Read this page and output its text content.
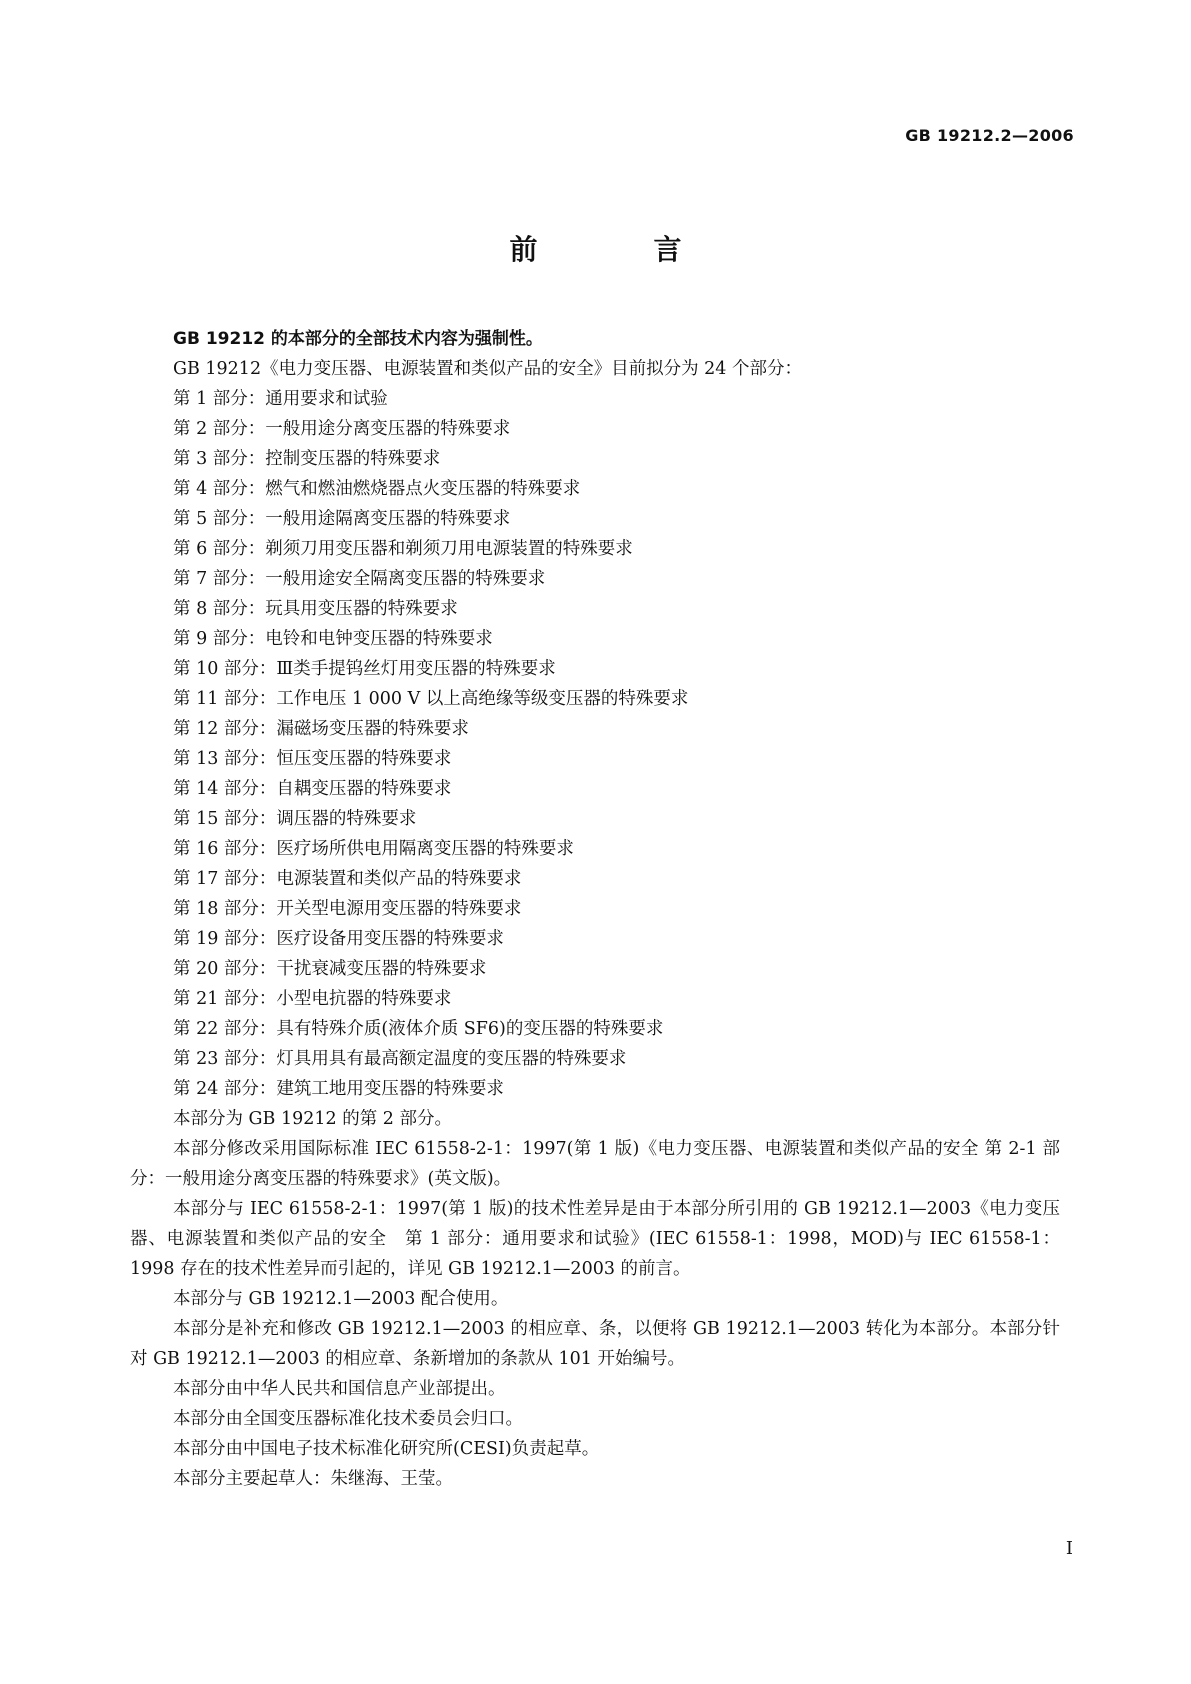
GB 19212.2—2006
前　言

GB 19212 的本部分的全部技术内容为强制性。

GB 19212《电力变压器、电源装置和类似产品的安全》目前拟分为 24 个部分：

第 1 部分：通用要求和试验
第 2 部分：一般用途分离变压器的特殊要求
第 3 部分：控制变压器的特殊要求
第 4 部分：燃气和燃油燃烧器点火变压器的特殊要求
第 5 部分：一般用途隔离变压器的特殊要求
第 6 部分：剃须刀用变压器和剃须刀用电源装置的特殊要求
第 7 部分：一般用途安全隔离变压器的特殊要求
第 8 部分：玩具用变压器的特殊要求
第 9 部分：电铃和电钟变压器的特殊要求
第 10 部分：Ⅲ类手提钨丝灯用变压器的特殊要求
第 11 部分：工作电压 1 000 V 以上高绝缘等级变压器的特殊要求
第 12 部分：漏磁场变压器的特殊要求
第 13 部分：恒压变压器的特殊要求
第 14 部分：自耦变压器的特殊要求
第 15 部分：调压器的特殊要求
第 16 部分：医疗场所供电用隔离变压器的特殊要求
第 17 部分：电源装置和类似产品的特殊要求
第 18 部分：开关型电源用变压器的特殊要求
第 19 部分：医疗设备用变压器的特殊要求
第 20 部分：干扰衰减变压器的特殊要求
第 21 部分：小型电抗器的特殊要求
第 22 部分：具有特殊介质(液体介质 SF6)的变压器的特殊要求
第 23 部分：灯具用具有最高额定温度的变压器的特殊要求
第 24 部分：建筑工地用变压器的特殊要求

本部分为 GB 19212 的第 2 部分。

本部分修改采用国际标准 IEC 61558-2-1：1997(第 1 版)《电力变压器、电源装置和类似产品的安全 第 2-1 部分：一般用途分离变压器的特殊要求》(英文版)。

本部分与 IEC 61558-2-1：1997(第 1 版)的技术性差异是由于本部分所引用的 GB 19212.1—2003《电力变压器、电源装置和类似产品的安全　第 1 部分：通用要求和试验》(IEC 61558-1：1998，MOD)与 IEC 61558-1：1998 存在的技术性差异而引起的，详见 GB 19212.1—2003 的前言。

本部分与 GB 19212.1—2003 配合使用。

本部分是补充和修改 GB 19212.1—2003 的相应章、条，以便将 GB 19212.1—2003 转化为本部分。本部分针对 GB 19212.1—2003 的相应章、条新增加的条款从 101 开始编号。

本部分由中华人民共和国信息产业部提出。

本部分由全国变压器标准化技术委员会归口。

本部分由中国电子技术标准化研究所(CESI)负责起草。

本部分主要起草人：朱继海、王莹。

I
